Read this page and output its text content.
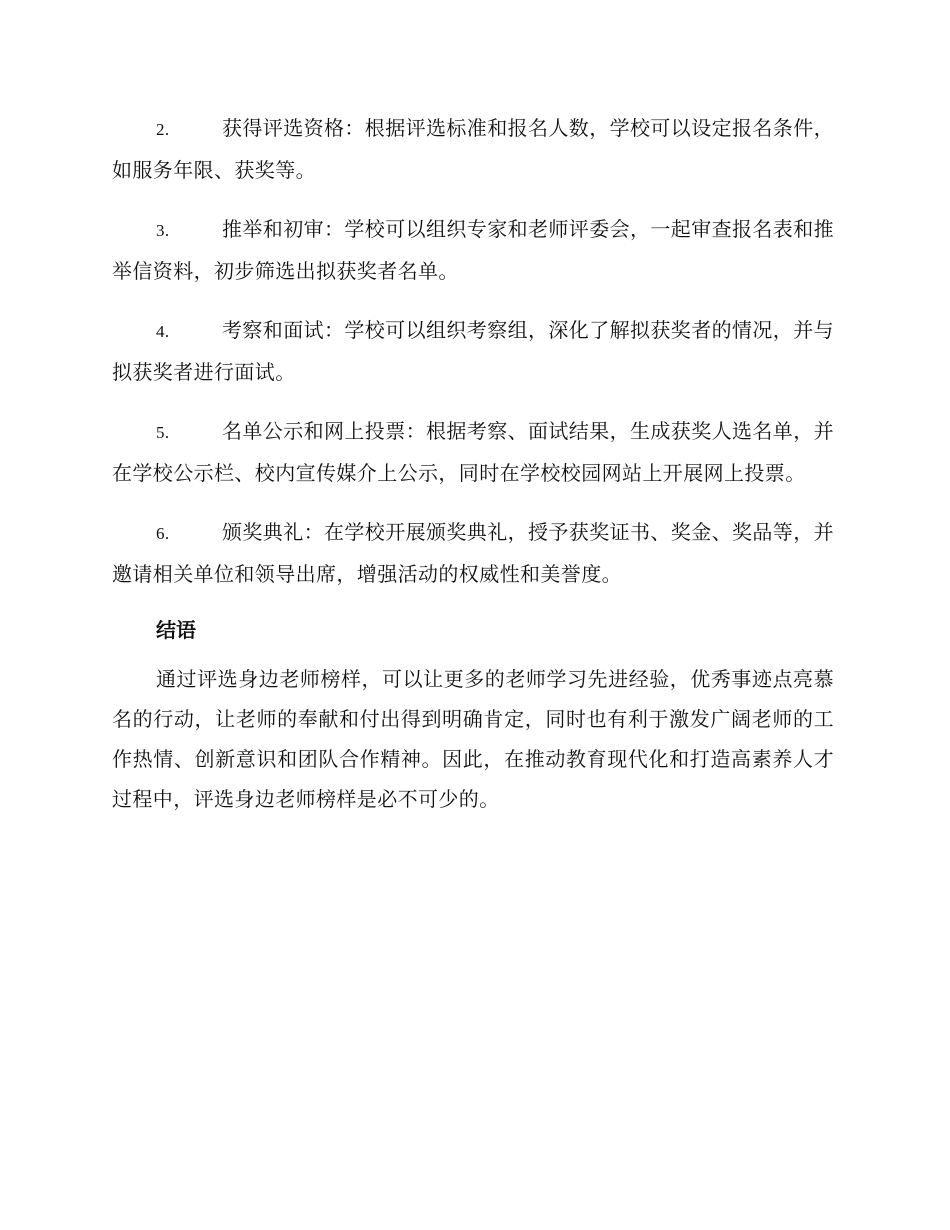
2.	获得评选资格：根据评选标准和报名人数，学校可以设定报名条件，如服务年限、获奖等。

3.	推举和初审：学校可以组织专家和老师评委会，一起审查报名表和推举信资料，初步筛选出拟获奖者名单。

4.	考察和面试：学校可以组织考察组，深化了解拟获奖者的情况，并与拟获奖者进行面试。

5.	名单公示和网上投票：根据考察、面试结果，生成获奖人选名单，并在学校公示栏、校内宣传媒介上公示，同时在学校校园网站上开展网上投票。

6.	颁奖典礼：在学校开展颁奖典礼，授予获奖证书、奖金、奖品等，并邀请相关单位和领导出席，增强活动的权威性和美誉度。

结语

通过评选身边老师榜样，可以让更多的老师学习先进经验，优秀事迹点亮慕名的行动，让老师的奉献和付出得到明确肯定，同时也有利于激发广阔老师的工作热情、创新意识和团队合作精神。因此，在推动教育现代化和打造高素养人才过程中，评选身边老师榜样是必不可少的。
